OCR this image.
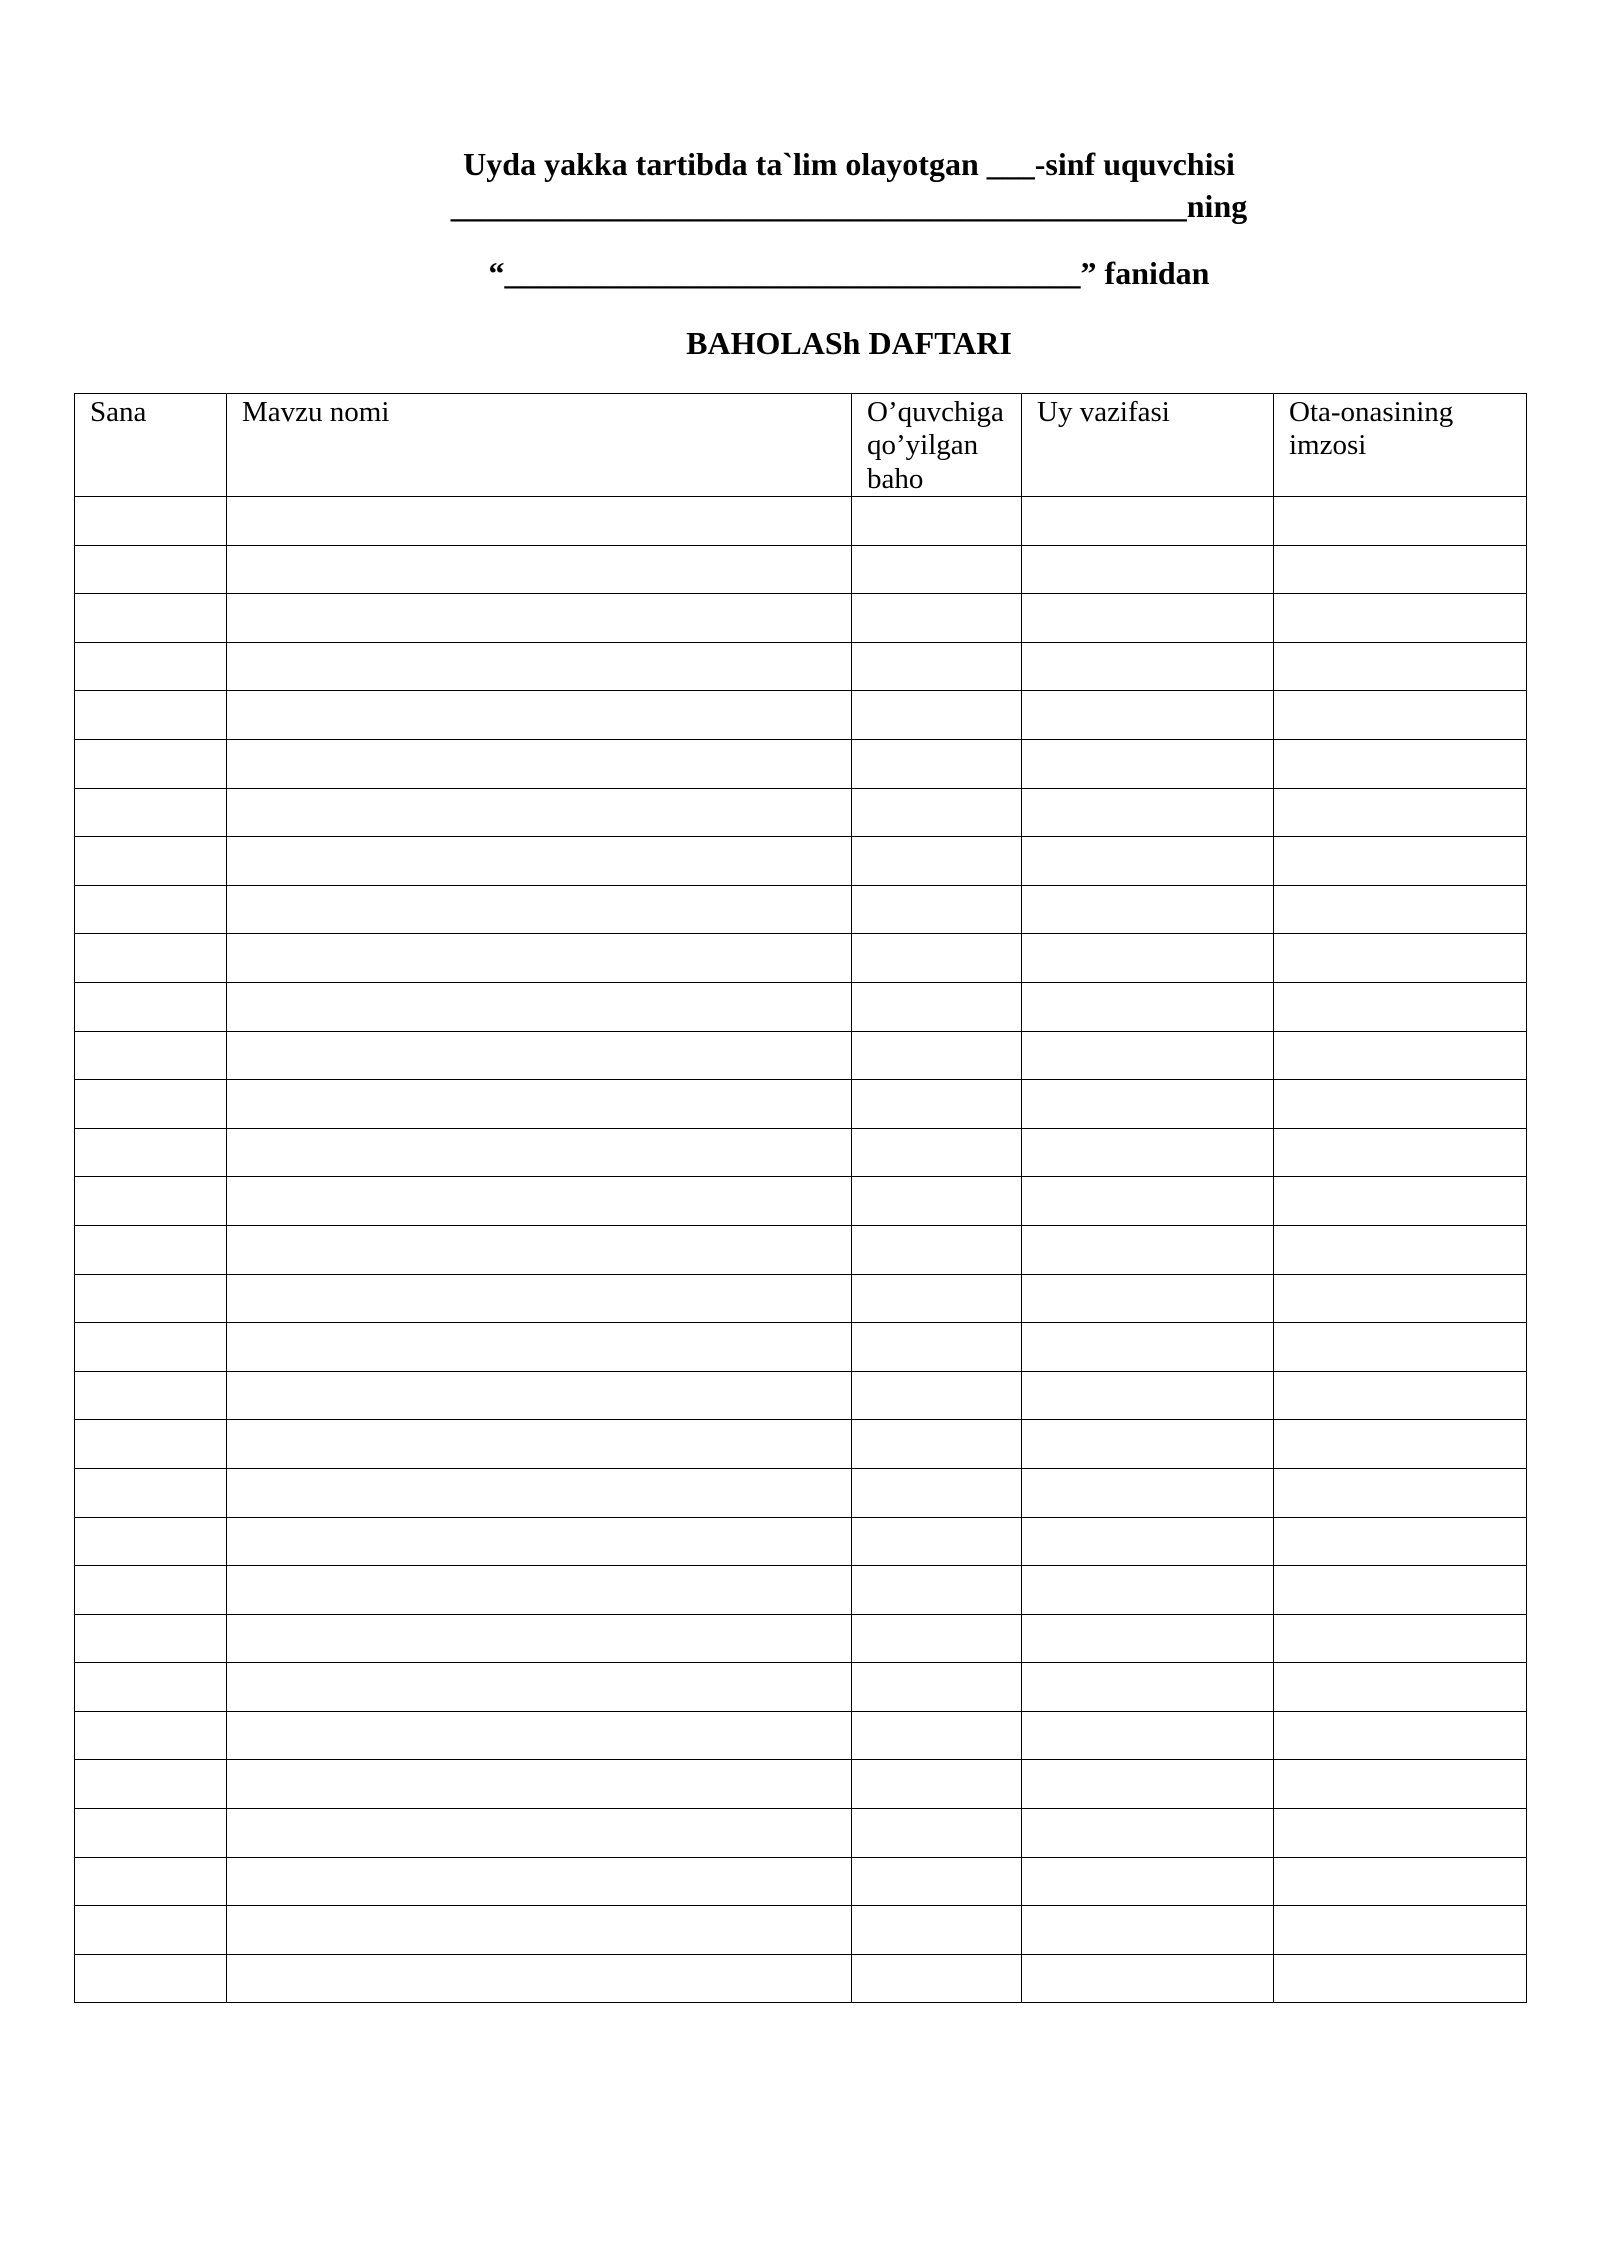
Uyda yakka tartibda ta`lim olayotgan ___-sinf uquvchisi
______________________________________________ning
“____________________________________” fanidan
BAHOLASh DAFTARI
Sana	Mavzu nomi	O’quvchiga qo’yilgan baho	Uy vazifasi	Ota-onasining imzosi
